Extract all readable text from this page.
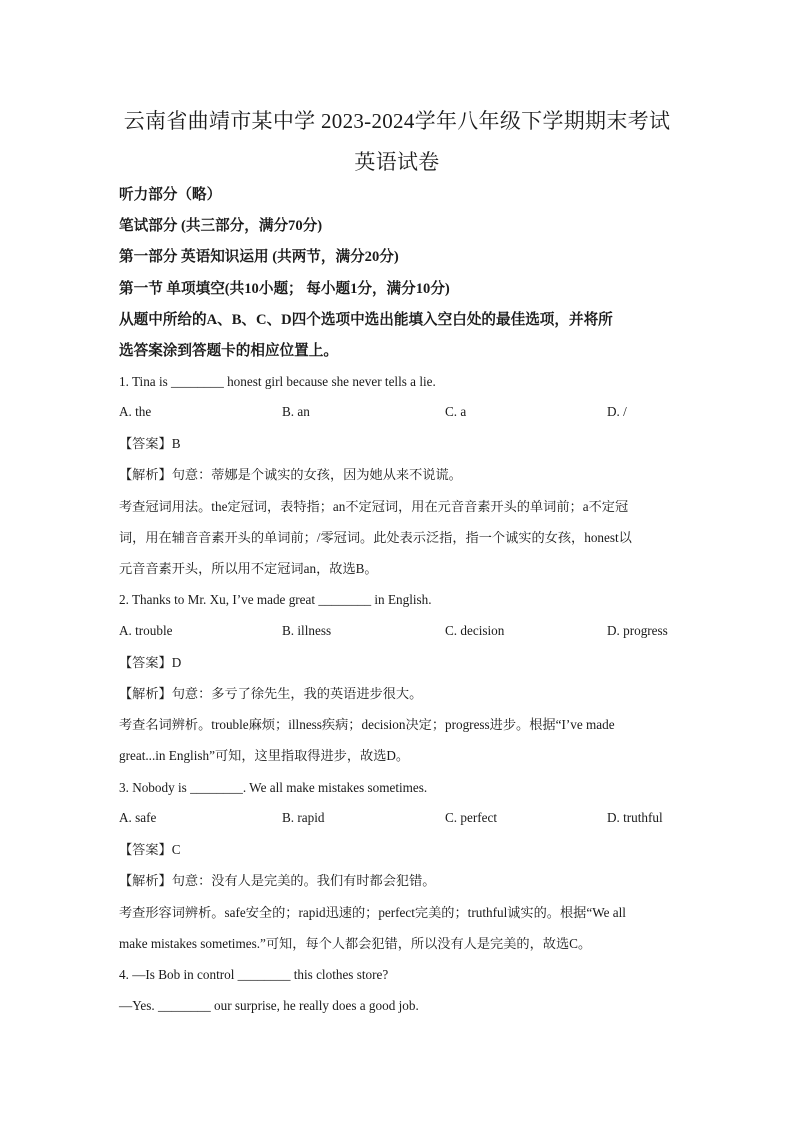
云南省曲靖市某中学 2023-2024学年八年级下学期期末考试
英语试卷
听力部分（略）
笔试部分 (共三部分，满分70分)
第一部分 英语知识运用 (共两节，满分20分)
第一节 单项填空(共10小题； 每小题1分，满分10分)
从题中所给的A、B、C、D四个选项中选出能填入空白处的最佳选项，并将所
选答案涂到答题卡的相应位置上。
1. Tina is ________ honest girl because she never tells a lie.
A. the	B. an	C. a	D. /
【答案】B
【解析】句意：蒂娜是个诚实的女孩，因为她从来不说谎。
考查冠词用法。the定冠词，表特指；an不定冠词，用在元音音素开头的单词前；a不定冠
词，用在辅音音素开头的单词前；/零冠词。此处表示泛指，指一个诚实的女孩，honest以
元音音素开头，所以用不定冠词an，故选B。
2. Thanks to Mr. Xu, I’ve made great ________ in English.
A. trouble	B. illness	C. decision	D. progress
【答案】D
【解析】句意：多亏了徐先生，我的英语进步很大。
考查名词辨析。trouble麻烦；illness疾病；decision决定；progress进步。根据“I’ve made
great...in English”可知，这里指取得进步，故选D。
3. Nobody is ________. We all make mistakes sometimes.
A. safe	B. rapid	C. perfect	D. truthful
【答案】C
【解析】句意：没有人是完美的。我们有时都会犯错。
考查形容词辨析。safe安全的；rapid迅速的；perfect完美的；truthful诚实的。根据“We all
make mistakes sometimes.”可知，每个人都会犯错，所以没有人是完美的，故选C。
4. —Is Bob in control ________ this clothes store?
—Yes. ________ our surprise, he really does a good job.
